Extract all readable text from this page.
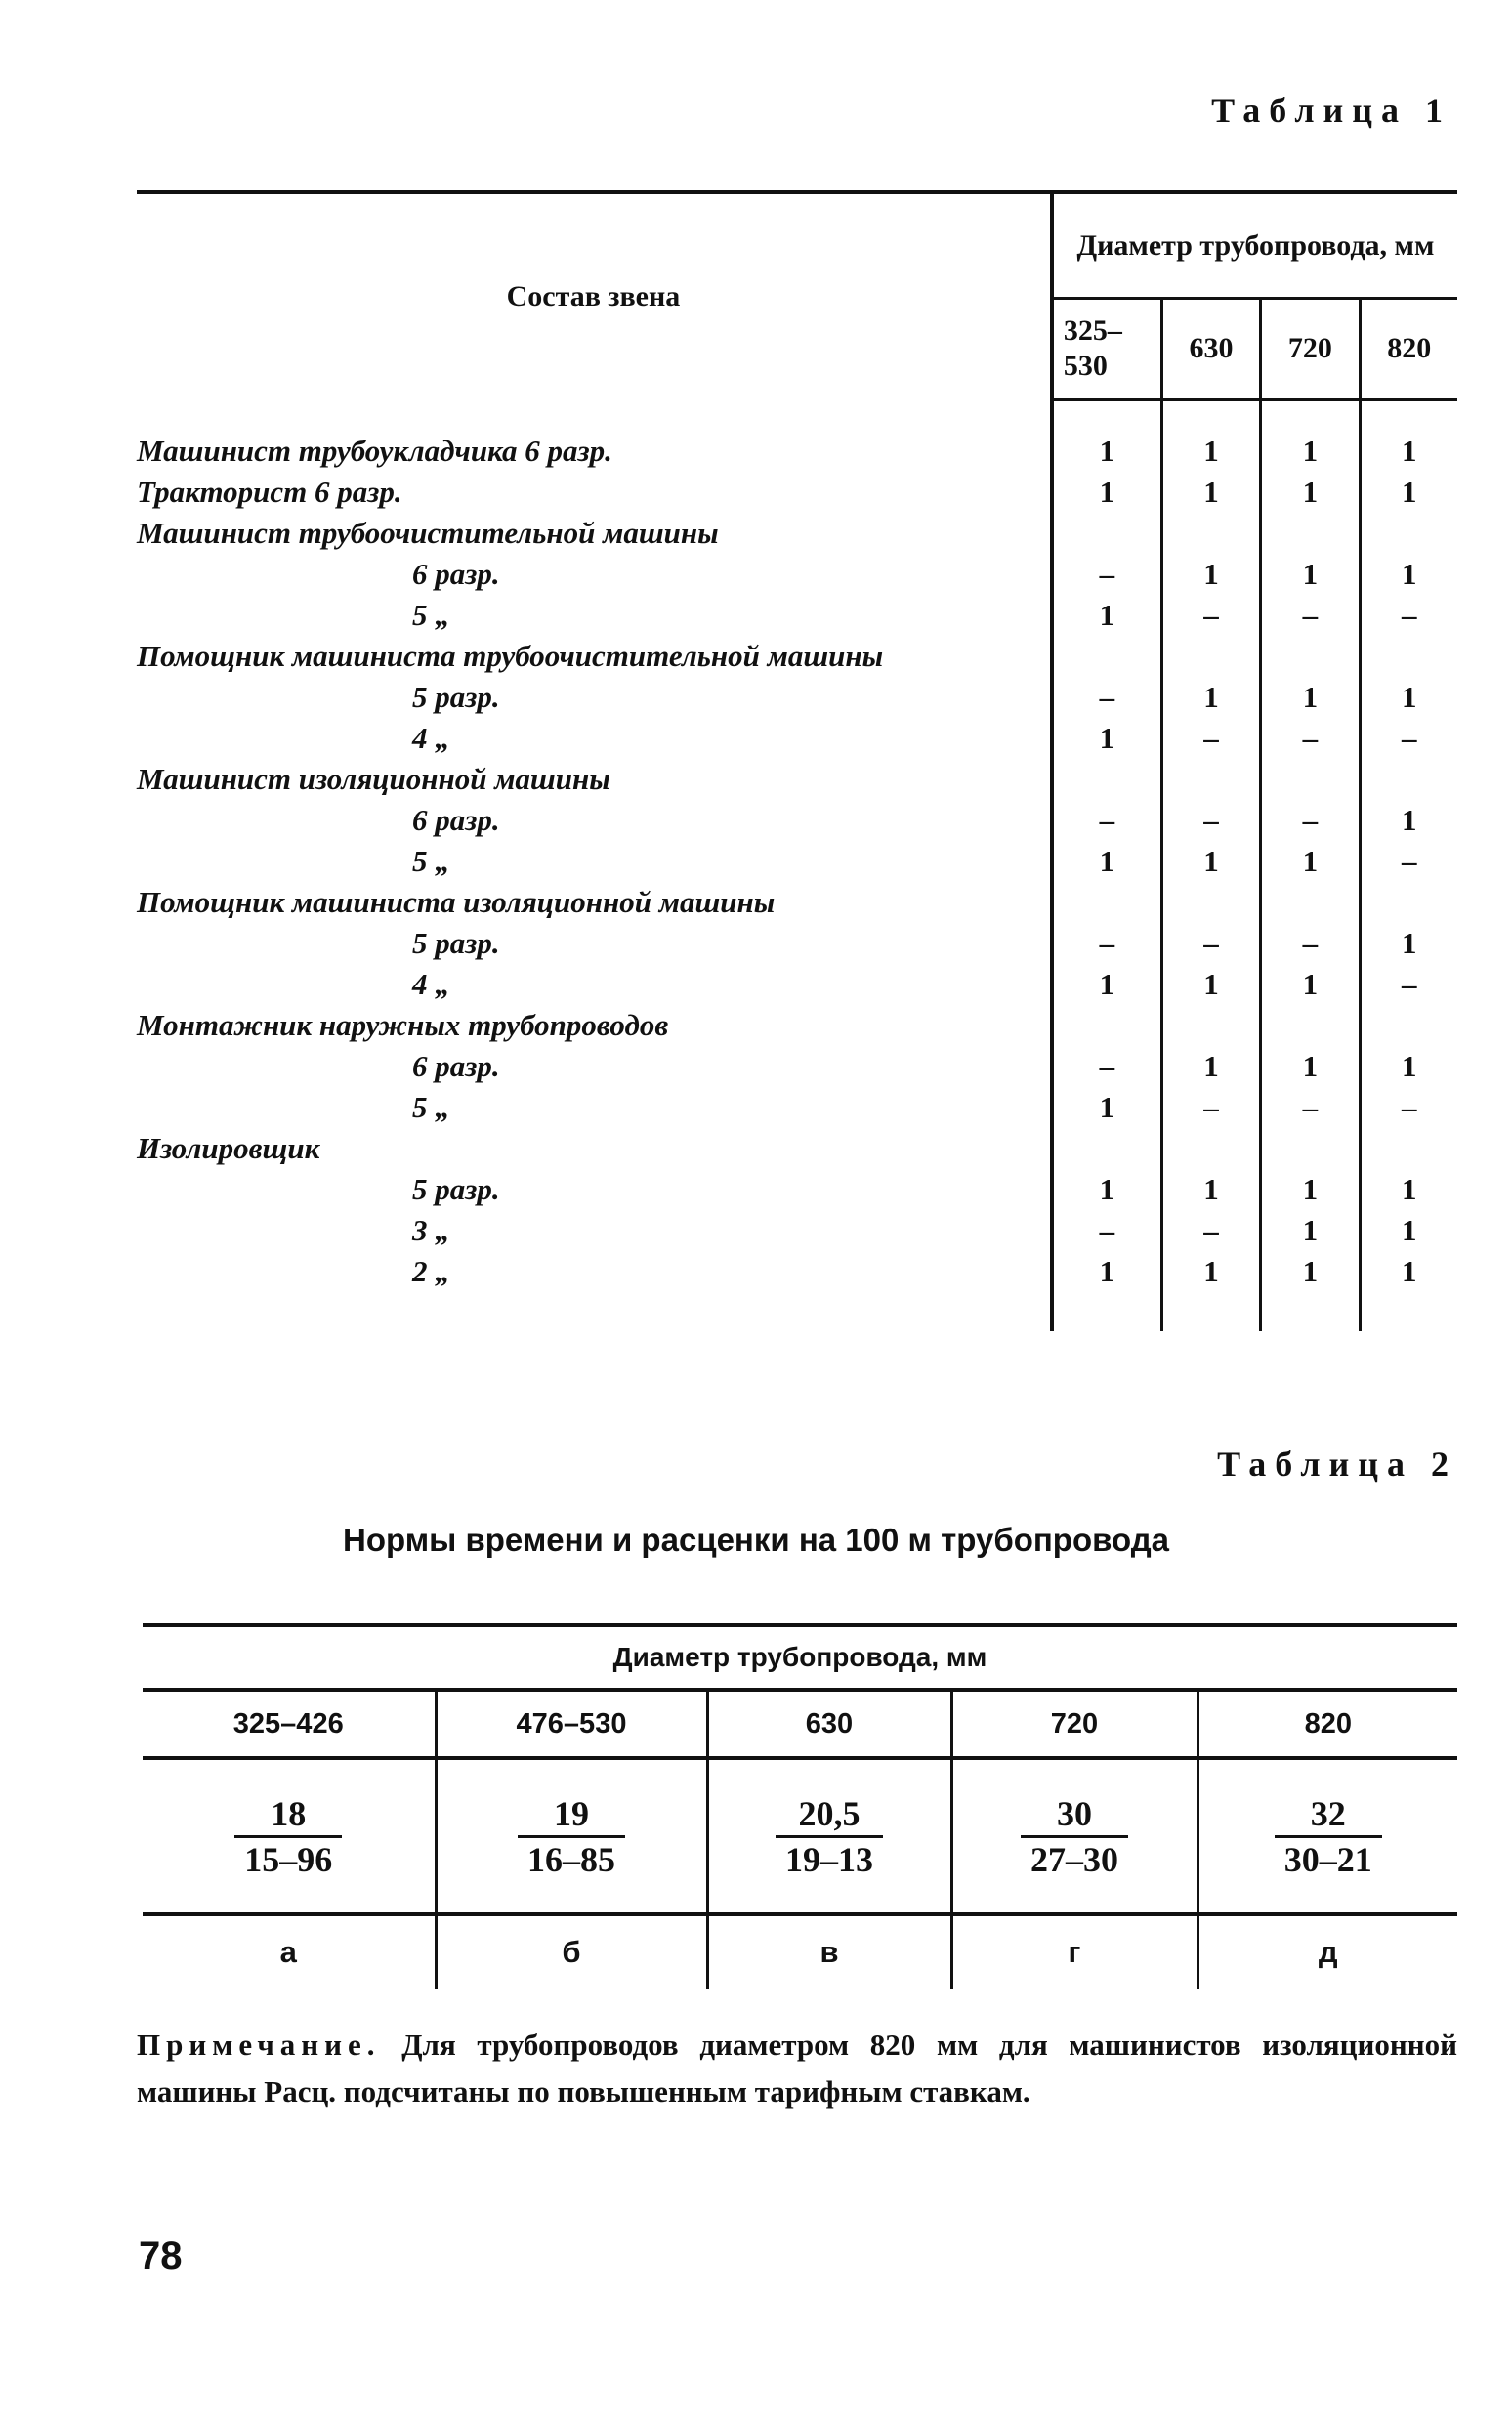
Таблица 1
Состав звена	Диаметр трубопровода, мм			
	325–530	630	720	820

Машинист трубоукладчика 6 разр.	1	1	1	1
Тракторист 6 разр.	1	1	1	1
Машинист трубоочистительной машины				
6 разр.	–	1	1	1
5 „	1	–	–	–
Помощник машиниста трубоочистительной машины				
5 разр.	–	1	1	1
4 „	1	–	–	–
Машинист изоляционной машины				
6 разр.	–	–	–	1
5 „	1	1	1	–
Помощник машиниста изоляционной машины				
5 разр.	–	–	–	1
4 „	1	1	1	–
Монтажник наружных трубопроводов				
6 разр.	–	1	1	1
5 „	1	–	–	–
Изолировщик				
5 разр.	1	1	1	1
3 „	–	–	1	1
2 „	1	1	1	1

Таблица 2
Нормы времени и расценки на 100 м трубопровода
Диаметр трубопровода, мм				
325–426	476–530	630	720	820

$\frac{18}{15-96}$	$\frac{19}{16-85}$	$\frac{20,5}{19-13}$	$\frac{30}{27-30}$	$\frac{32}{30-21}$

а	б	в	г	д
Примечание. Для трубопроводов диаметром 820 мм для машинистов изоляционной машины Расц. подсчитаны по повышенным тарифным ставкам.
78
